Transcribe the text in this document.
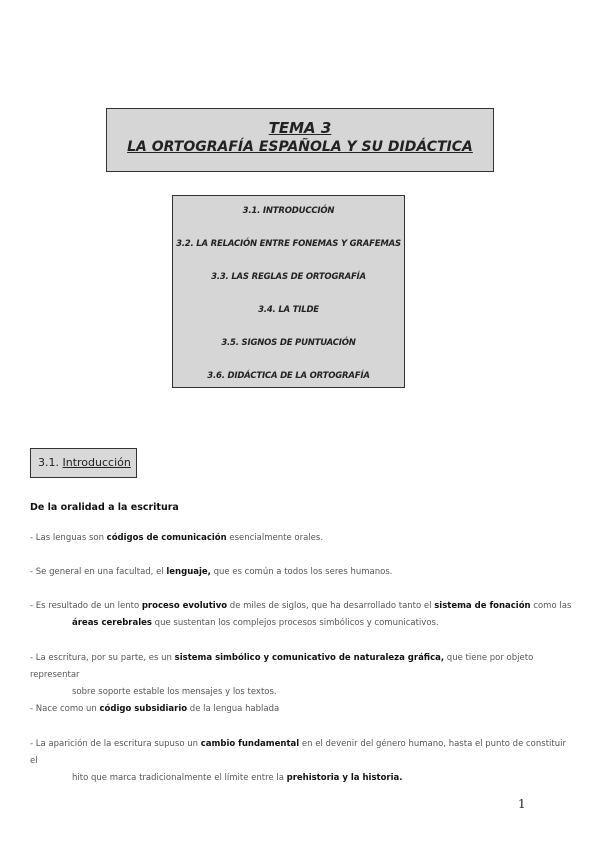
TEMA 3
LA ORTOGRAFÍA ESPAÑOLA Y SU DIDÁCTICA
3.1. INTRODUCCIÓN
3.2. LA RELACIÓN ENTRE FONEMAS Y GRAFEMAS
3.3. LAS REGLAS DE ORTOGRAFÍA
3.4. LA TILDE
3.5. SIGNOS DE PUNTUACIÓN
3.6. DIDÁCTICA DE LA ORTOGRAFÍA
3.1. Introducción
De la oralidad a la escritura
- Las lenguas son códigos de comunicación esencialmente orales.
- Se general en una facultad, el lenguaje, que es común a todos los seres humanos.
- Es resultado de un lento proceso evolutivo de miles de siglos, que ha desarrollado tanto el sistema de fonación como las
áreas cerebrales que sustentan los complejos procesos simbólicos y comunicativos.
- La escritura, por su parte, es un sistema simbólico y comunicativo de naturaleza gráfica, que tiene por objeto representar
sobre soporte estable los mensajes y los textos.
- Nace como un código subsidiario de la lengua hablada
- La aparición de la escritura supuso un cambio fundamental en el devenir del género humano, hasta el punto de constituir el
hito que marca tradicionalmente el límite entre la prehistoria y la historia.
1
